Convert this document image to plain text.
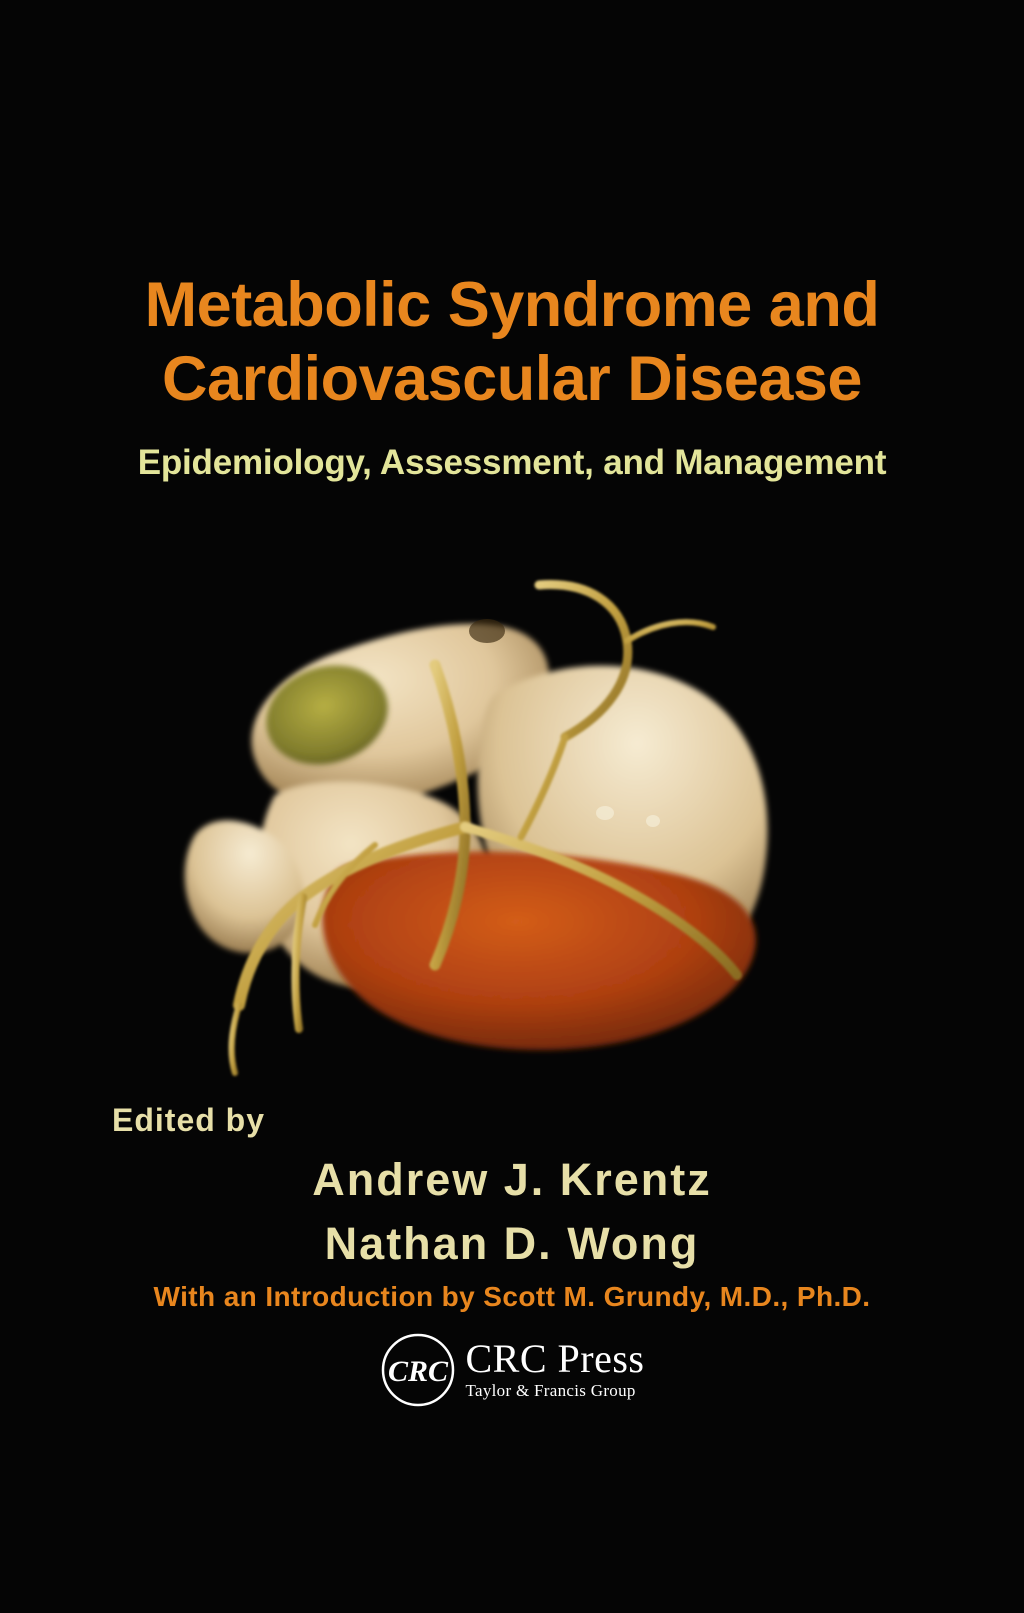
Metabolic Syndrome and
Cardiovascular Disease
Epidemiology, Assessment, and Management
Edited by
Andrew J. Krentz
Nathan D. Wong
With an Introduction by Scott M. Grundy, M.D., Ph.D.
CRC CRC Press
Taylor & Francis Group
